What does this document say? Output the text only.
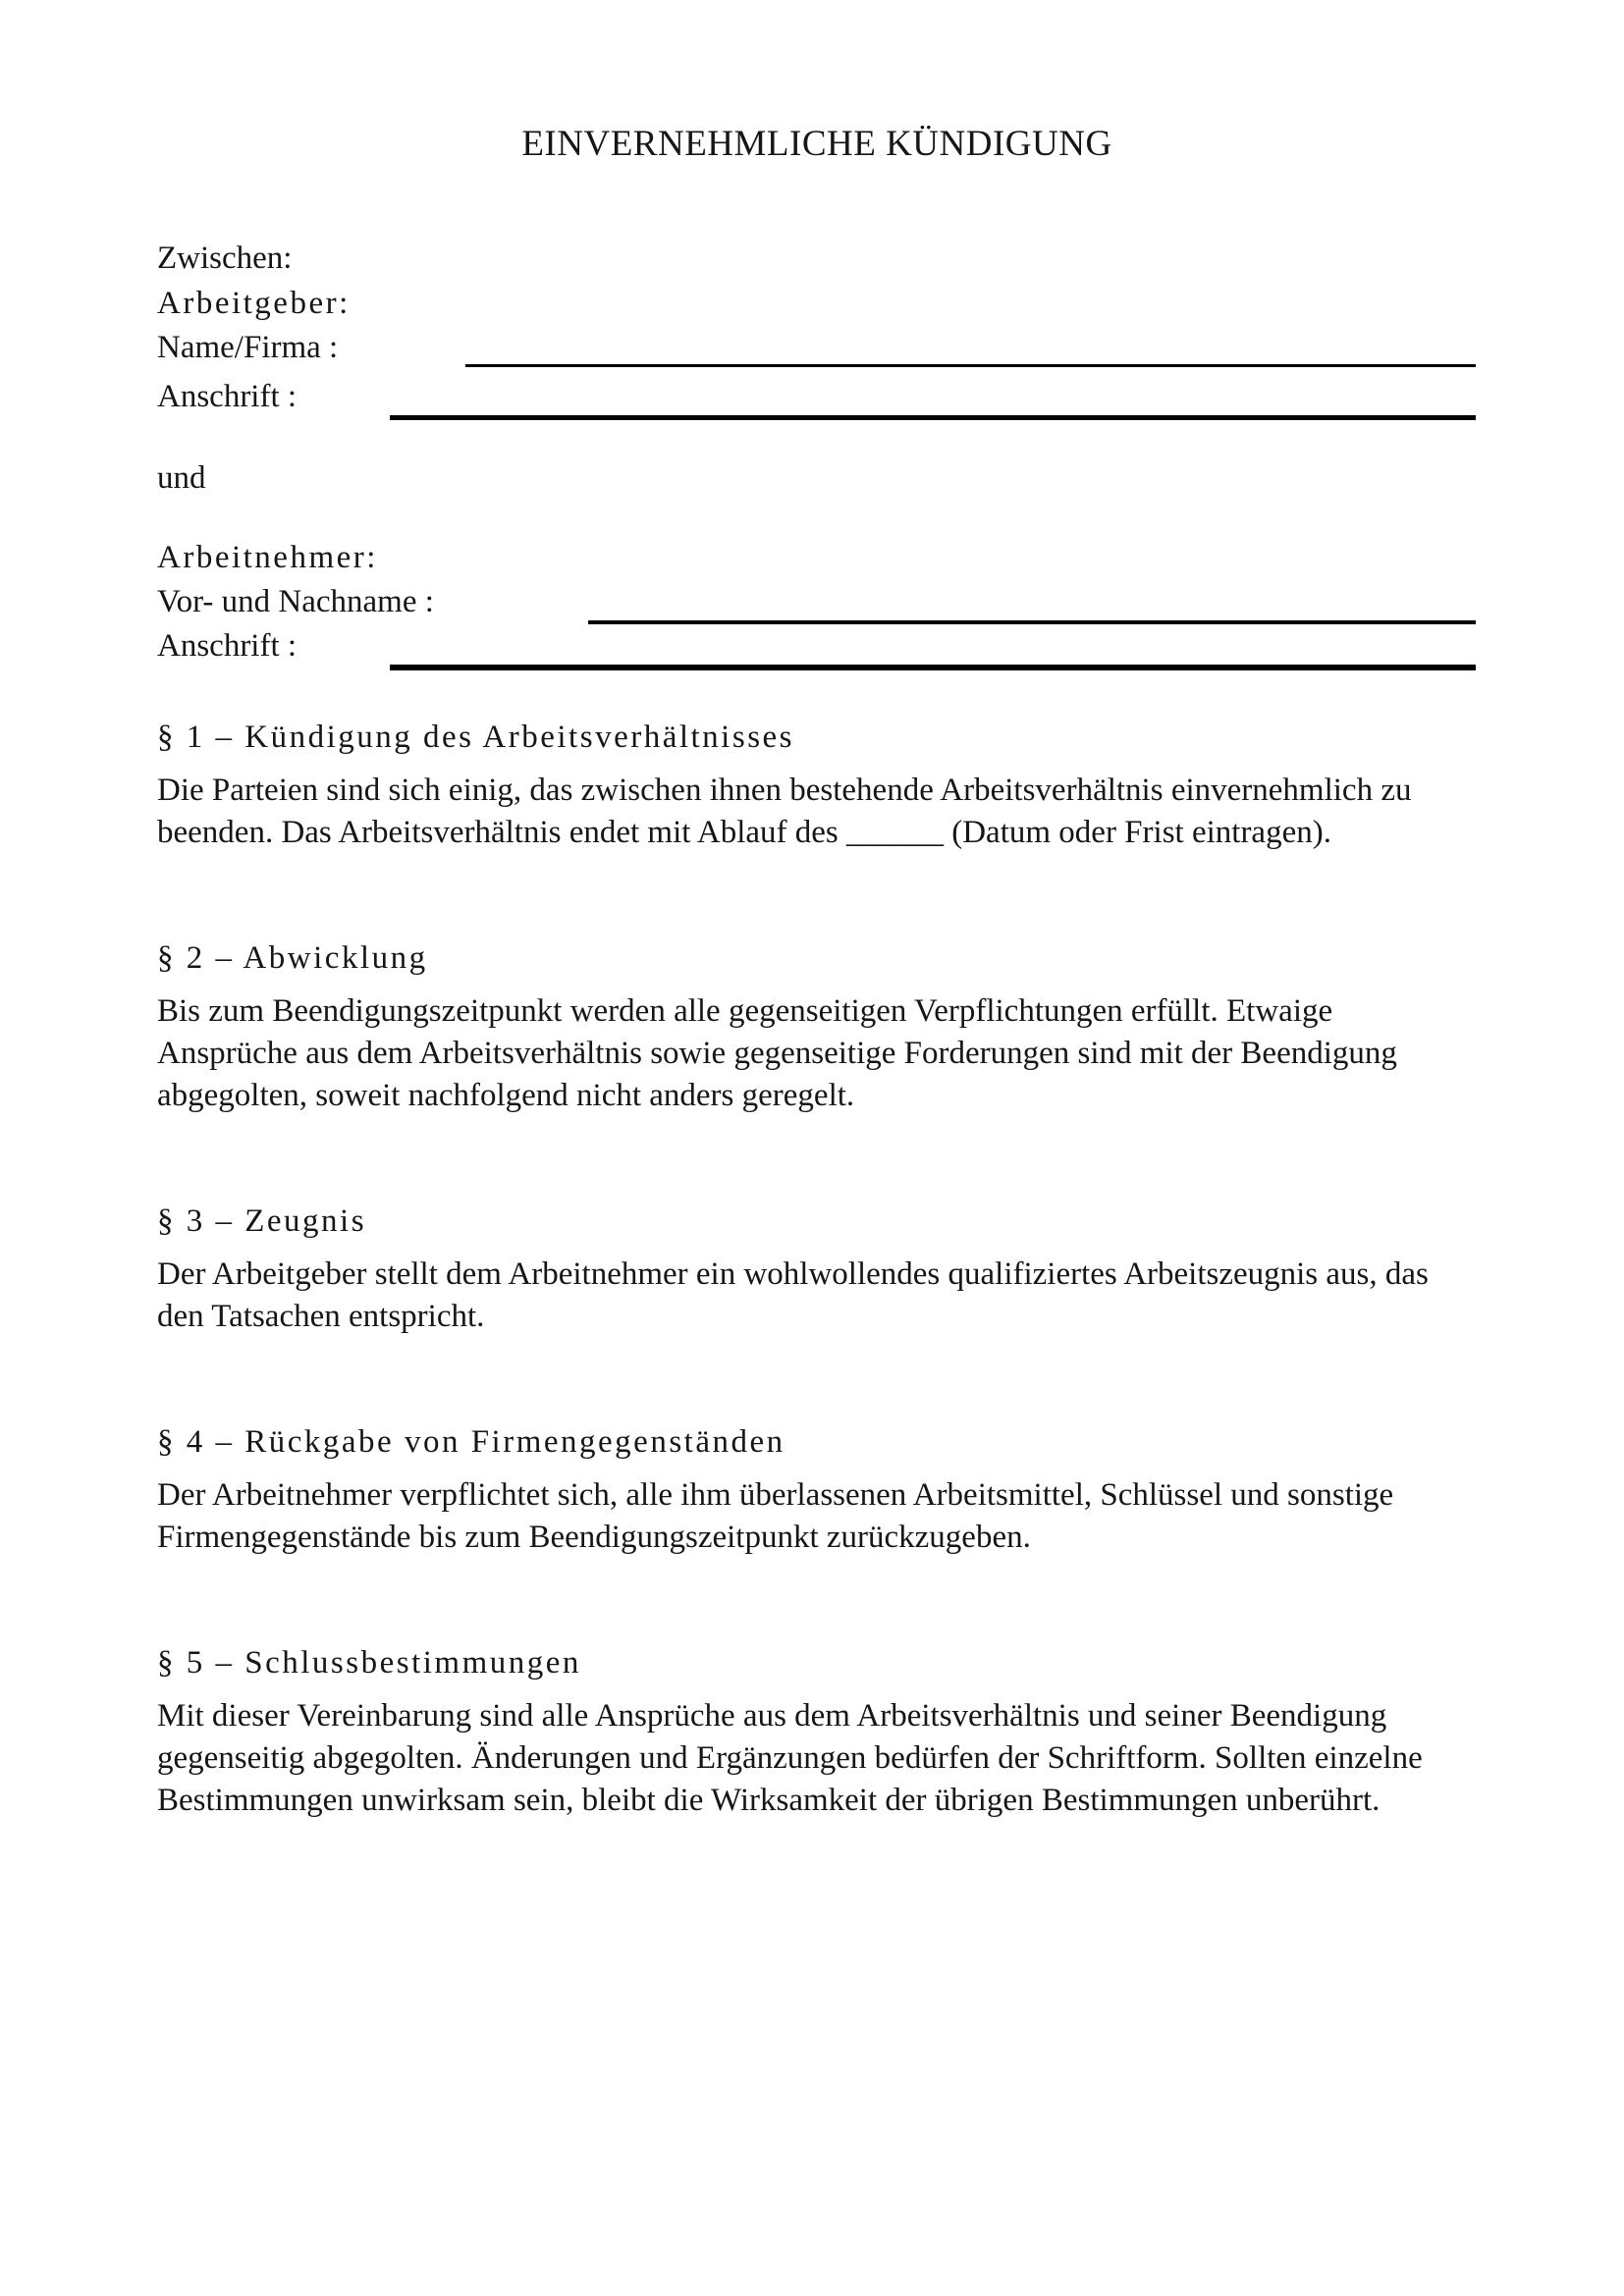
EINVERNEHMLICHE KÜNDIGUNG
Zwischen:
Arbeitgeber:
Name/Firma :
Anschrift :
und
Arbeitnehmer:
Vor- und Nachname :
Anschrift :
§ 1 – Kündigung des Arbeitsverhältnisses

Die Parteien sind sich einig, das zwischen ihnen bestehende Arbeitsverhältnis einvernehmlich zu beenden. Das Arbeitsverhältnis endet mit Ablauf des ______ (Datum oder Frist eintragen).

§ 2 – Abwicklung

Bis zum Beendigungszeitpunkt werden alle gegenseitigen Verpflichtungen erfüllt. Etwaige Ansprüche aus dem Arbeitsverhältnis sowie gegenseitige Forderungen sind mit der Beendigung abgegolten, soweit nachfolgend nicht anders geregelt.

§ 3 – Zeugnis

Der Arbeitgeber stellt dem Arbeitnehmer ein wohlwollendes qualifiziertes Arbeitszeugnis aus, das den Tatsachen entspricht.

§ 4 – Rückgabe von Firmengegenständen

Der Arbeitnehmer verpflichtet sich, alle ihm überlassenen Arbeitsmittel, Schlüssel und sonstige Firmengegenstände bis zum Beendigungszeitpunkt zurückzugeben.

§ 5 – Schlussbestimmungen

Mit dieser Vereinbarung sind alle Ansprüche aus dem Arbeitsverhältnis und seiner Beendigung gegenseitig abgegolten. Änderungen und Ergänzungen bedürfen der Schriftform. Sollten einzelne Bestimmungen unwirksam sein, bleibt die Wirksamkeit der übrigen Bestimmungen unberührt.
